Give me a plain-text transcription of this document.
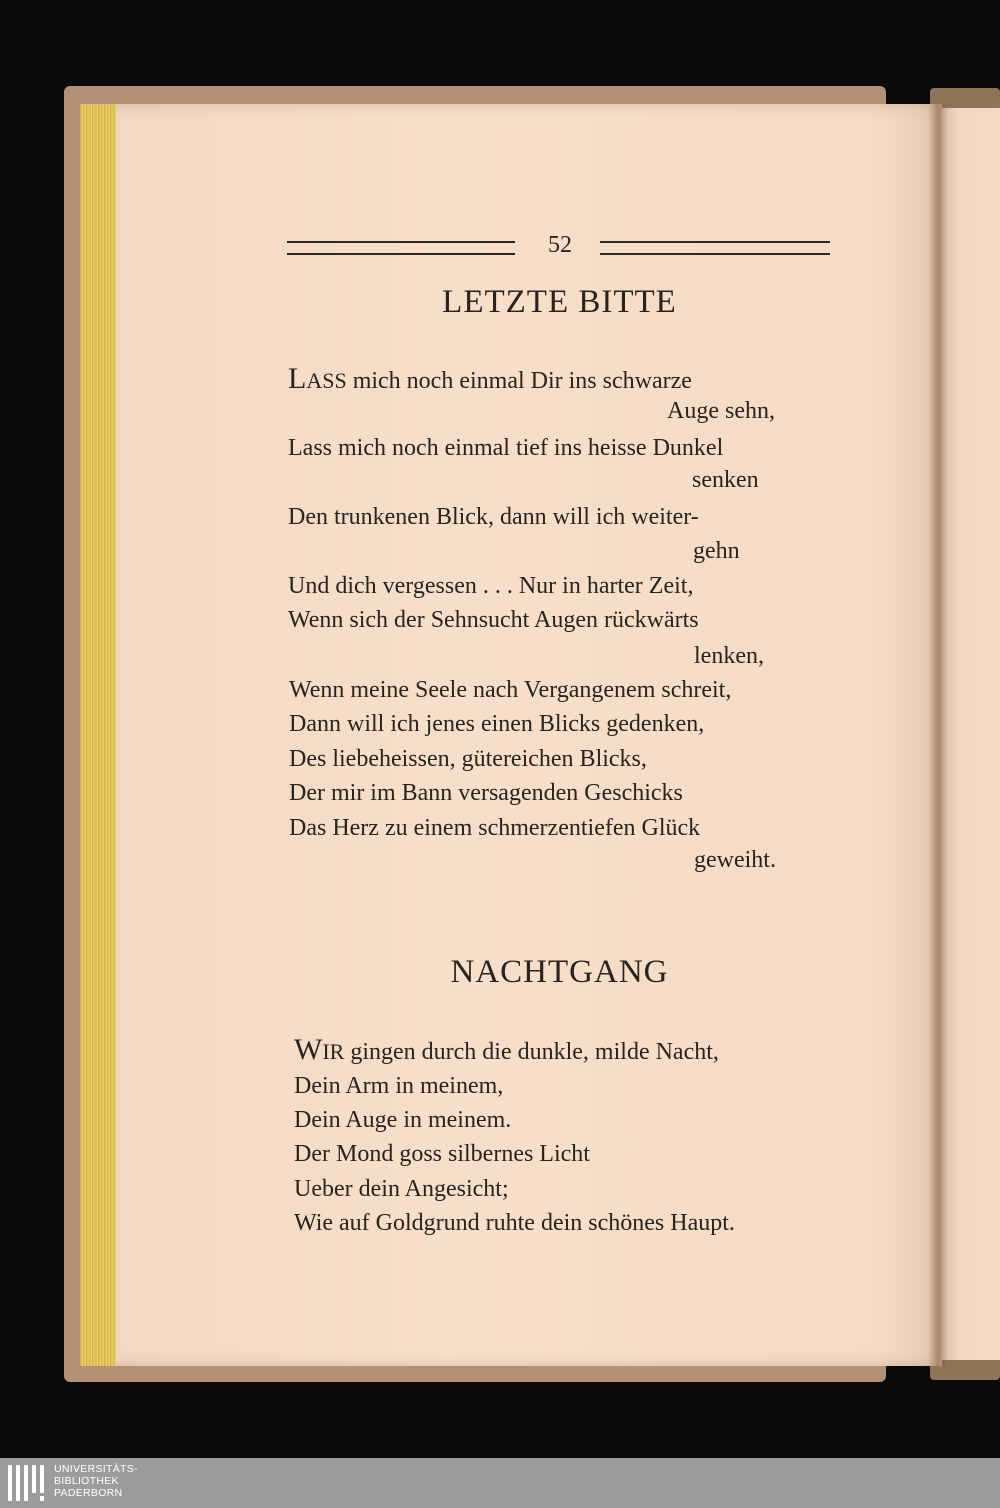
52
LETZTE BITTE
LASS mich noch einmal Dir ins schwarze
Auge sehn,
Lass mich noch einmal tief ins heisse Dunkel
senken
Den trunkenen Blick, dann will ich weiter-
gehn
Und dich vergessen . . . Nur in harter Zeit,
Wenn sich der Sehnsucht Augen rückwärts
lenken,
Wenn meine Seele nach Vergangenem schreit,
Dann will ich jenes einen Blicks gedenken,
Des liebeheissen, gütereichen Blicks,
Der mir im Bann versagenden Geschicks
Das Herz zu einem schmerzentiefen Glück
geweiht.
NACHTGANG
WIR gingen durch die dunkle, milde Nacht,
Dein Arm in meinem,
Dein Auge in meinem.
Der Mond goss silbernes Licht
Ueber dein Angesicht;
Wie auf Goldgrund ruhte dein schönes Haupt.
UNIVERSITÄTS-
BIBLIOTHEK
PADERBORN
